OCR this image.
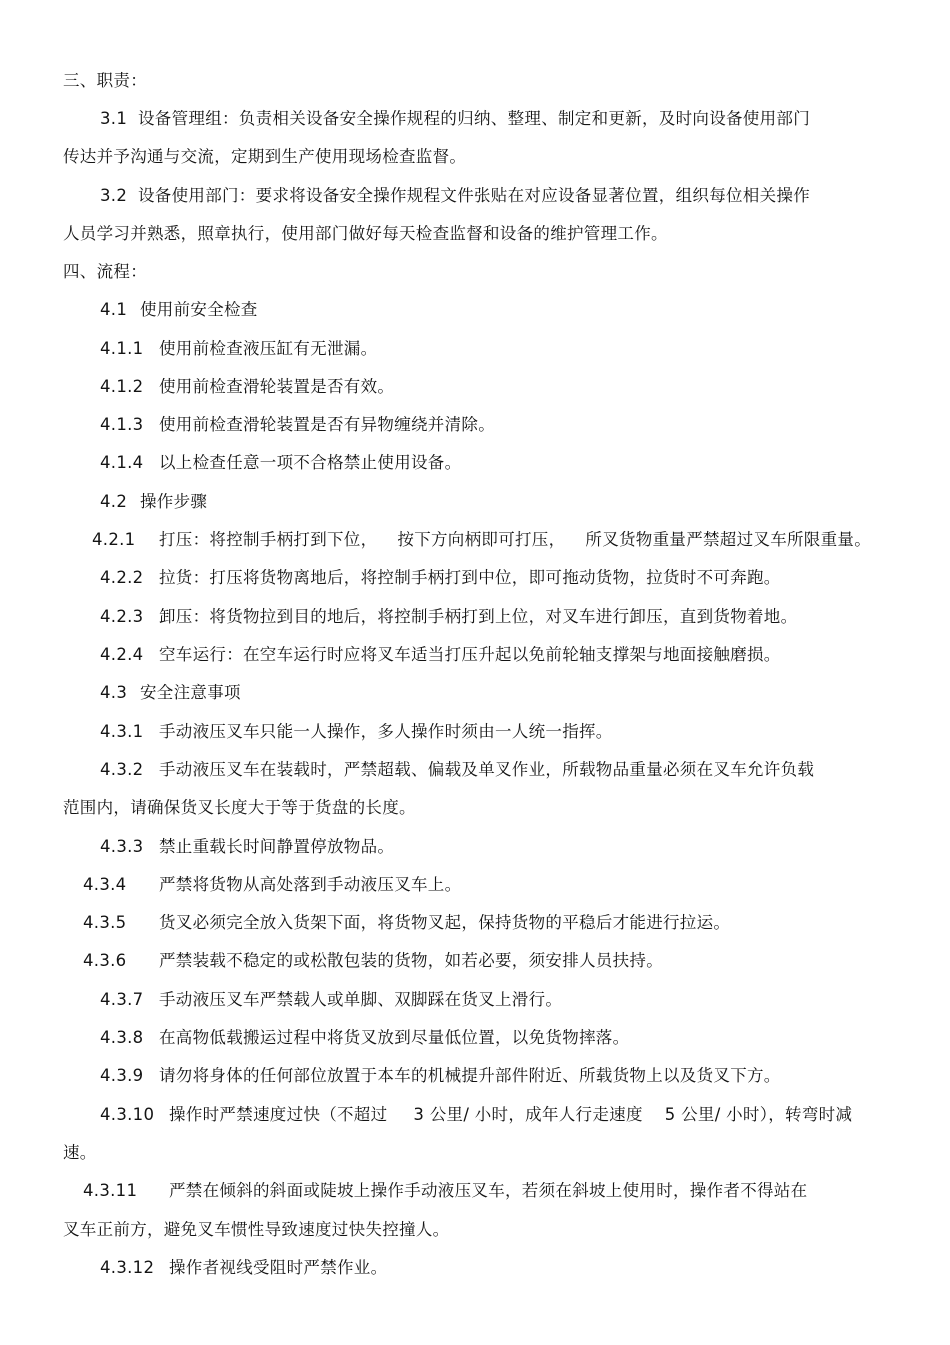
三、职责：
3.1 设备管理组：负责相关设备安全操作规程的归纳、整理、制定和更新，及时向设备使用部门
传达并予沟通与交流，定期到生产使用现场检查监督。
3.2 设备使用部门：要求将设备安全操作规程文件张贴在对应设备显著位置，组织每位相关操作
人员学习并熟悉，照章执行，使用部门做好每天检查监督和设备的维护管理工作。
四、流程：
4.1 使用前安全检查
4.1.1 使用前检查液压缸有无泄漏。
4.1.2 使用前检查滑轮装置是否有效。
4.1.3 使用前检查滑轮装置是否有异物缠绕并清除。
4.1.4 以上检查任意一项不合格禁止使用设备。
4.2 操作步骤
4.2.1 打压：将控制手柄打到下位， 按下方向柄即可打压， 所叉货物重量严禁超过叉车所限重量。
4.2.2 拉货：打压将货物离地后，将控制手柄打到中位，即可拖动货物，拉货时不可奔跑。
4.2.3 卸压：将货物拉到目的地后，将控制手柄打到上位，对叉车进行卸压，直到货物着地。
4.2.4 空车运行：在空车运行时应将叉车适当打压升起以免前轮轴支撑架与地面接触磨损。
4.3 安全注意事项
4.3.1 手动液压叉车只能一人操作，多人操作时须由一人统一指挥。
4.3.2 手动液压叉车在装载时，严禁超载、偏载及单叉作业，所载物品重量必须在叉车允许负载
范围内，请确保货叉长度大于等于货盘的长度。
4.3.3 禁止重载长时间静置停放物品。
4.3.4 严禁将货物从高处落到手动液压叉车上。
4.3.5 货叉必须完全放入货架下面，将货物叉起，保持货物的平稳后才能进行拉运。
4.3.6 严禁装载不稳定的或松散包装的货物，如若必要，须安排人员扶持。
4.3.7 手动液压叉车严禁载人或单脚、双脚踩在货叉上滑行。
4.3.8 在高物低载搬运过程中将货叉放到尽量低位置，以免货物摔落。
4.3.9 请勿将身体的任何部位放置于本车的机械提升部件附近、所载货物上以及货叉下方。
4.3.10 操作时严禁速度过快（不超过 3 公里/ 小时，成年人行走速度 5 公里/ 小时），转弯时减
速。
4.3.11 严禁在倾斜的斜面或陡坡上操作手动液压叉车，若须在斜坡上使用时，操作者不得站在
叉车正前方，避免叉车惯性导致速度过快失控撞人。
4.3.12 操作者视线受阻时严禁作业。
